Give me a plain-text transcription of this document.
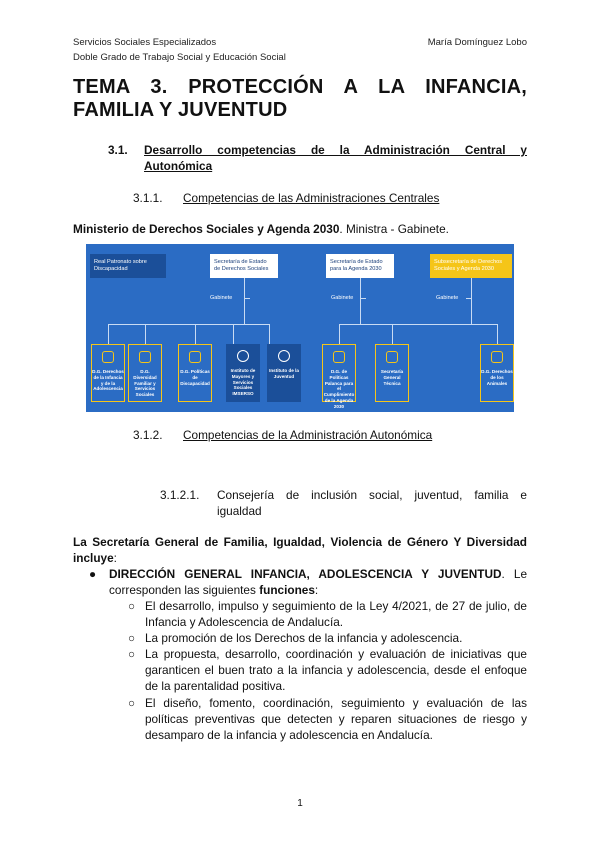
Servicios Sociales Especializados
Doble Grado de Trabajo Social y Educación Social
María Domínguez Lobo
TEMA 3. PROTECCIÓN A LA INFANCIA,
FAMILIA Y JUVENTUD
3.1. Desarrollo competencias de la Administración Central y
Autonómica
3.1.1. Competencias de las Administraciones Centrales
Ministerio de Derechos Sociales y Agenda 2030. Ministra - Gabinete.
Real Patronato sobre Discapacidad
Secretaría de Estado de Derechos Sociales
Secretaría de Estado para la Agenda 2030
Subsecretaría de Derechos Sociales y Agenda 2030
Gabinete	Gabinete	Gabinete
D.G. Derechos de la Infancia y de la Adolescencia
D.G. Diversidad Familiar y Servicios Sociales
D.G. Políticas de Discapacidad
Instituto de Mayores y Servicios Sociales IMSERSO
Instituto de la Juventud
D.G. de Políticas Palanca para el Cumplimiento de la Agenda 2030
Secretaría General Técnica
D.G. Derechos de los Animales
3.1.2. Competencias de la Administración Autonómica
3.1.2.1. Consejería de inclusión social, juventud, familia e
igualdad
La Secretaría General de Familia, Igualdad, Violencia de Género Y Diversidad incluye:
● DIRECCIÓN GENERAL INFANCIA, ADOLESCENCIA Y JUVENTUD. Le corresponden las siguientes funciones:
○ El desarrollo, impulso y seguimiento de la Ley 4/2021, de 27 de julio, de Infancia y Adolescencia de Andalucía.
○ La promoción de los Derechos de la infancia y adolescencia.
○ La propuesta, desarrollo, coordinación y evaluación de iniciativas que garanticen el buen trato a la infancia y adolescencia, desde el enfoque de la parentalidad positiva.
○ El diseño, fomento, coordinación, seguimiento y evaluación de las políticas preventivas que detecten y reparen situaciones de riesgo y desamparo de la infancia y adolescencia en Andalucía.
1
